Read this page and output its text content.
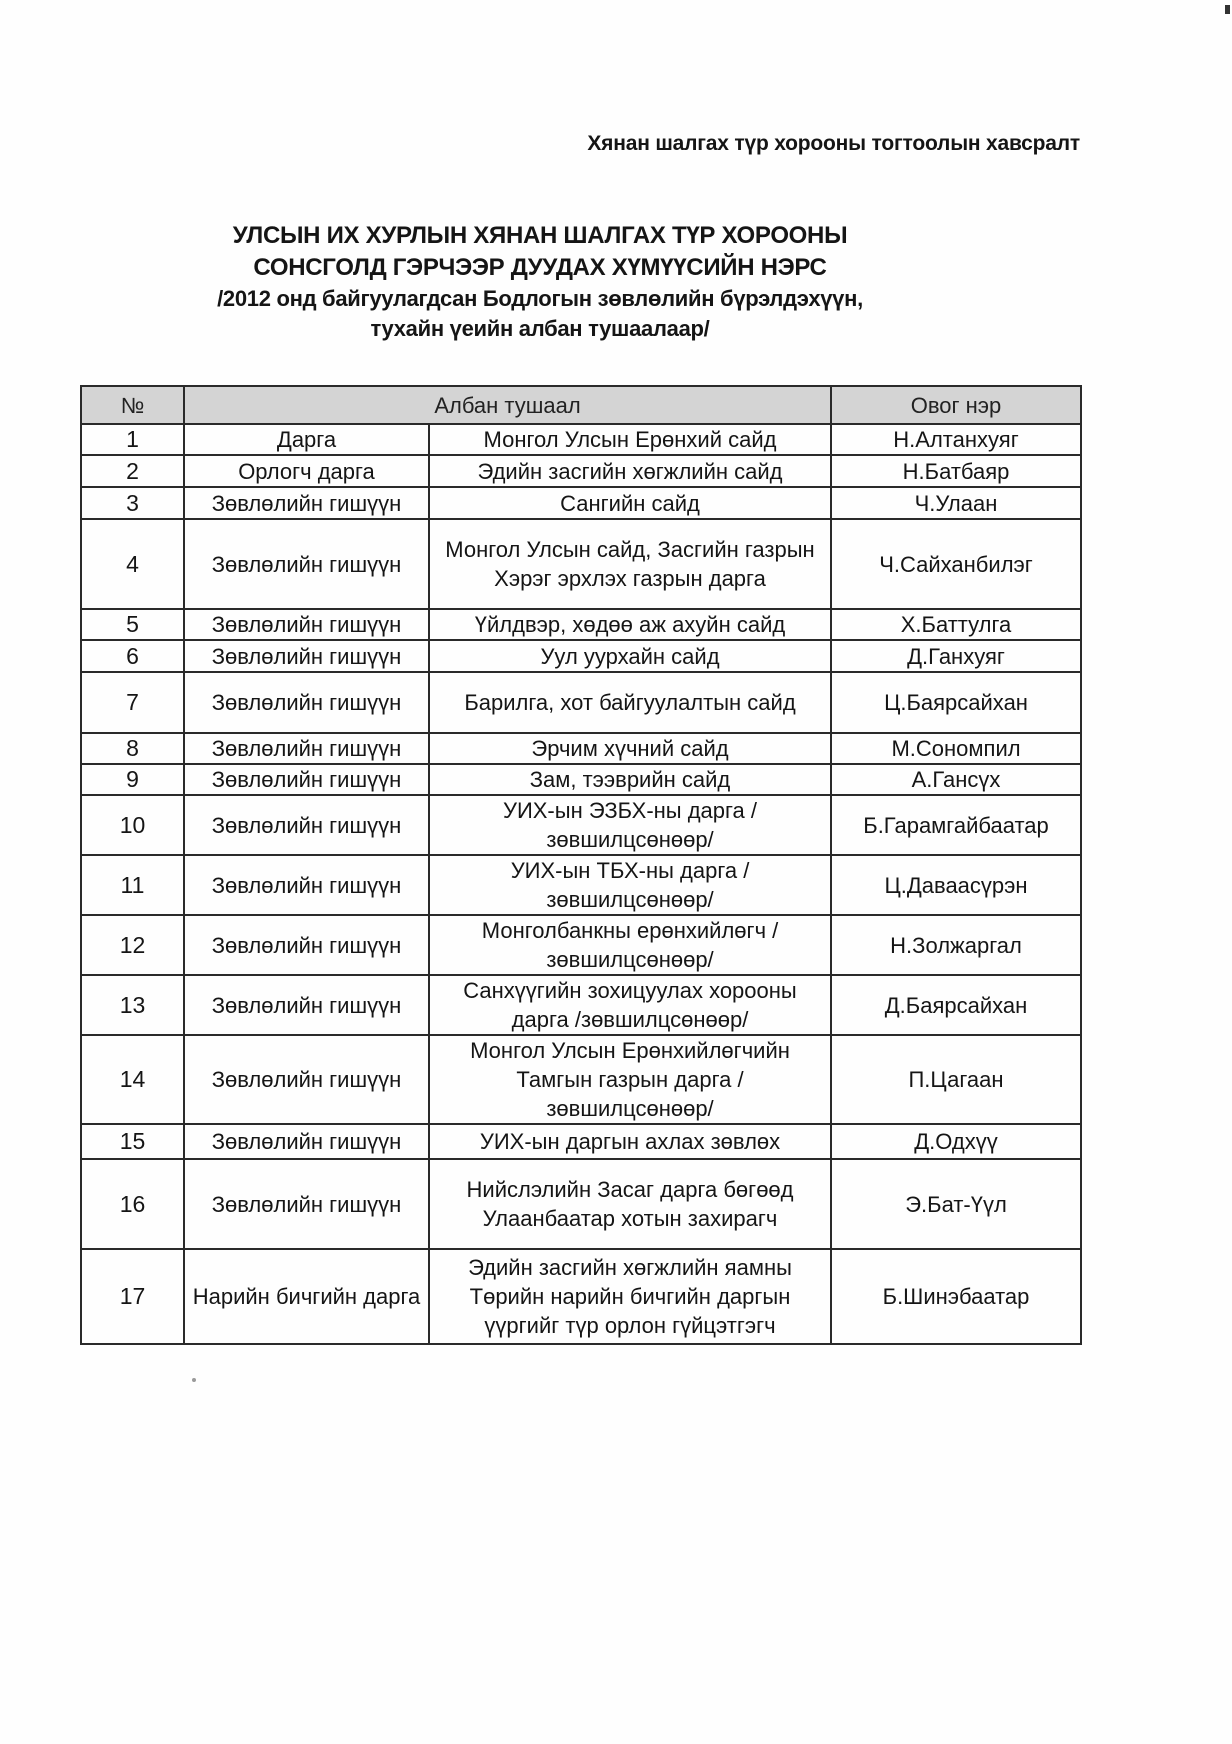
Хянан шалгах түр хорооны тогтоолын хавсралт
УЛСЫН ИХ ХУРЛЫН ХЯНАН ШАЛГАХ ТҮР ХОРООНЫ
СОНСГОЛД ГЭРЧЭЭР ДУУДАХ ХҮМҮҮСИЙН НЭРС
/2012 онд байгуулагдсан Бодлогын зөвлөлийн бүрэлдэхүүн,
тухайн үеийн албан тушаалаар/
№	Албан тушаал		Овог нэр
1	Дарга	Монгол Улсын Ерөнхий сайд	Н.Алтанхуяг
2	Орлогч дарга	Эдийн засгийн хөгжлийн сайд	Н.Батбаяр
3	Зөвлөлийн гишүүн	Сангийн сайд	Ч.Улаан
4	Зөвлөлийн гишүүн	Монгол Улсын сайд, Засгийн газрын Хэрэг эрхлэх газрын дарга	Ч.Сайханбилэг
5	Зөвлөлийн гишүүн	Үйлдвэр, хөдөө аж ахуйн сайд	Х.Баттулга
6	Зөвлөлийн гишүүн	Уул уурхайн сайд	Д.Ганхуяг
7	Зөвлөлийн гишүүн	Барилга, хот байгуулалтын сайд	Ц.Баярсайхан
8	Зөвлөлийн гишүүн	Эрчим хүчний сайд	М.Сономпил
9	Зөвлөлийн гишүүн	Зам, тээврийн сайд	А.Гансүх
10	Зөвлөлийн гишүүн	УИХ-ын ЭЗБХ-ны дарга /зөвшилцсөнөөр/	Б.Гарамгайбаатар
11	Зөвлөлийн гишүүн	УИХ-ын ТБХ-ны дарга /зөвшилцсөнөөр/	Ц.Даваасүрэн
12	Зөвлөлийн гишүүн	Монголбанкны ерөнхийлөгч /зөвшилцсөнөөр/	Н.Золжаргал
13	Зөвлөлийн гишүүн	Санхүүгийн зохицуулах хорооны дарга /зөвшилцсөнөөр/	Д.Баярсайхан
14	Зөвлөлийн гишүүн	Монгол Улсын Ерөнхийлөгчийн Тамгын газрын дарга /зөвшилцсөнөөр/	П.Цагаан
15	Зөвлөлийн гишүүн	УИХ-ын даргын ахлах зөвлөх	Д.Одхүү
16	Зөвлөлийн гишүүн	Нийслэлийн Засаг дарга бөгөөд Улаанбаатар хотын захирагч	Э.Бат-Үүл
17	Нарийн бичгийн дарга	Эдийн засгийн хөгжлийн яамны Төрийн нарийн бичгийн даргын үүргийг түр орлон гүйцэтгэгч	Б.Шинэбаатар
